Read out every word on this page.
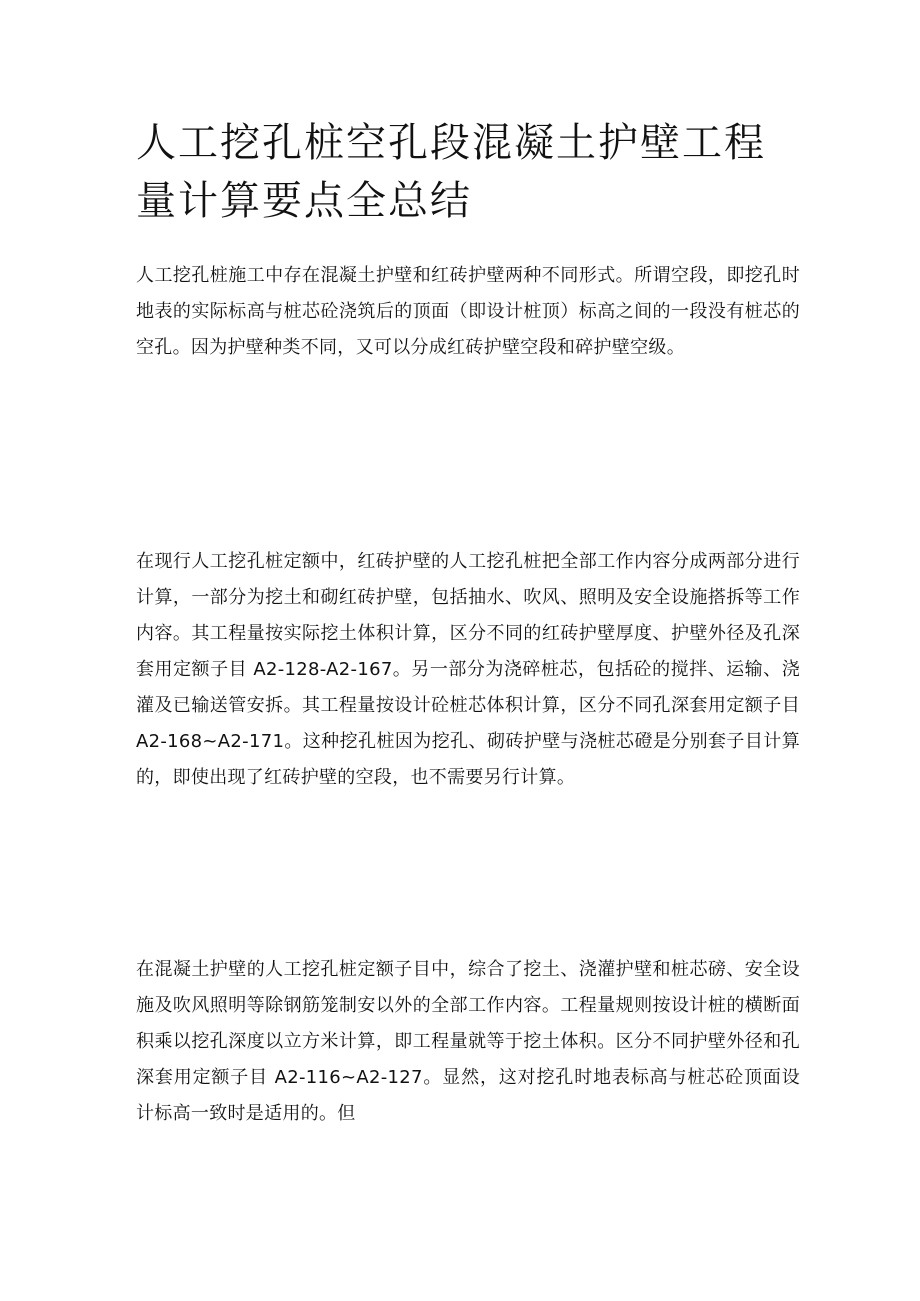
人工挖孔桩空孔段混凝土护壁工程量计算要点全总结

人工挖孔桩施工中存在混凝土护壁和红砖护壁两种不同形式。所谓空段，即挖孔时地表的实际标高与桩芯砼浇筑后的顶面（即设计桩顶）标高之间的一段没有桩芯的空孔。因为护壁种类不同，又可以分成红砖护壁空段和碎护壁空级。

在现行人工挖孔桩定额中，红砖护壁的人工挖孔桩把全部工作内容分成两部分进行计算，一部分为挖土和砌红砖护壁，包括抽水、吹风、照明及安全设施搭拆等工作内容。其工程量按实际挖土体积计算，区分不同的红砖护壁厚度、护壁外径及孔深套用定额子目 A2-128-A2-167。另一部分为浇碎桩芯，包括砼的搅拌、运输、浇灌及已输送管安拆。其工程量按设计砼桩芯体积计算，区分不同孔深套用定额子目 A2-168~A2-171。这种挖孔桩因为挖孔、砌砖护壁与浇桩芯磴是分别套子目计算的，即使出现了红砖护壁的空段，也不需要另行计算。

在混凝土护壁的人工挖孔桩定额子目中，综合了挖土、浇灌护壁和桩芯磅、安全设施及吹风照明等除钢筋笼制安以外的全部工作内容。工程量规则按设计桩的横断面积乘以挖孔深度以立方米计算，即工程量就等于挖土体积。区分不同护壁外径和孔深套用定额子目 A2-116~A2-127。显然，这对挖孔时地表标高与桩芯砼顶面设计标高一致时是适用的。但
